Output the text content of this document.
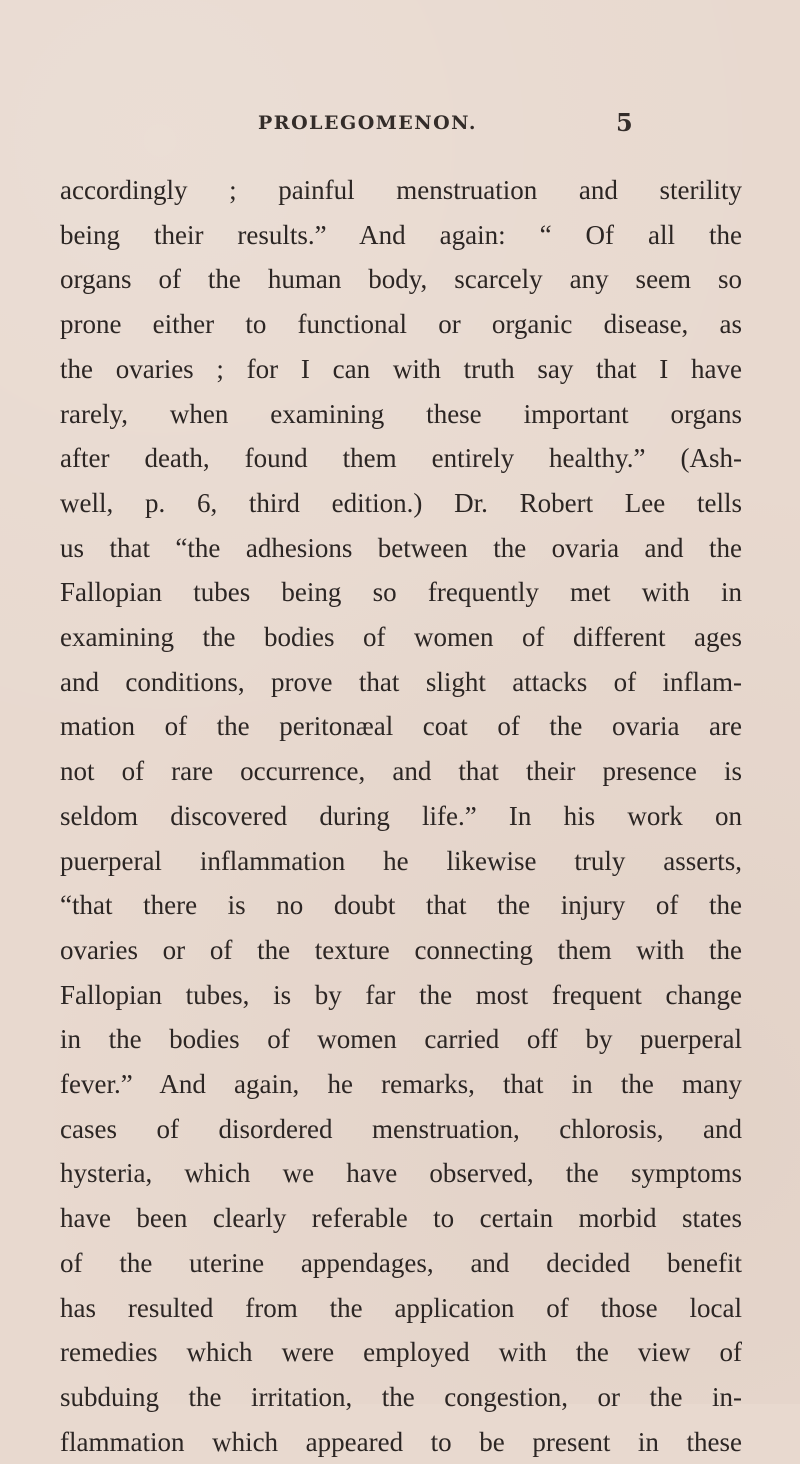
PROLEGOMENON.	5
accordingly ; painful menstruation and sterility
being their results.” And again: “ Of all the
organs of the human body, scarcely any seem so
prone either to functional or organic disease, as
the ovaries ; for I can with truth say that I have
rarely, when examining these important organs
after death, found them entirely healthy.” (Ash-
well, p. 6, third edition.) Dr. Robert Lee tells
us that “the adhesions between the ovaria and the
Fallopian tubes being so frequently met with in
examining the bodies of women of different ages
and conditions, prove that slight attacks of inflam-
mation of the peritonæal coat of the ovaria are
not of rare occurrence, and that their presence is
seldom discovered during life.” In his work on
puerperal inflammation he likewise truly asserts,
“that there is no doubt that the injury of the
ovaries or of the texture connecting them with the
Fallopian tubes, is by far the most frequent change
in the bodies of women carried off by puerperal
fever.” And again, he remarks, that in the many
cases of disordered menstruation, chlorosis, and
hysteria, which we have observed, the symptoms
have been clearly referable to certain morbid states
of the uterine appendages, and decided benefit
has resulted from the application of those local
remedies which were employed with the view of
subduing the irritation, the congestion, or the in-
flammation which appeared to be present in these
